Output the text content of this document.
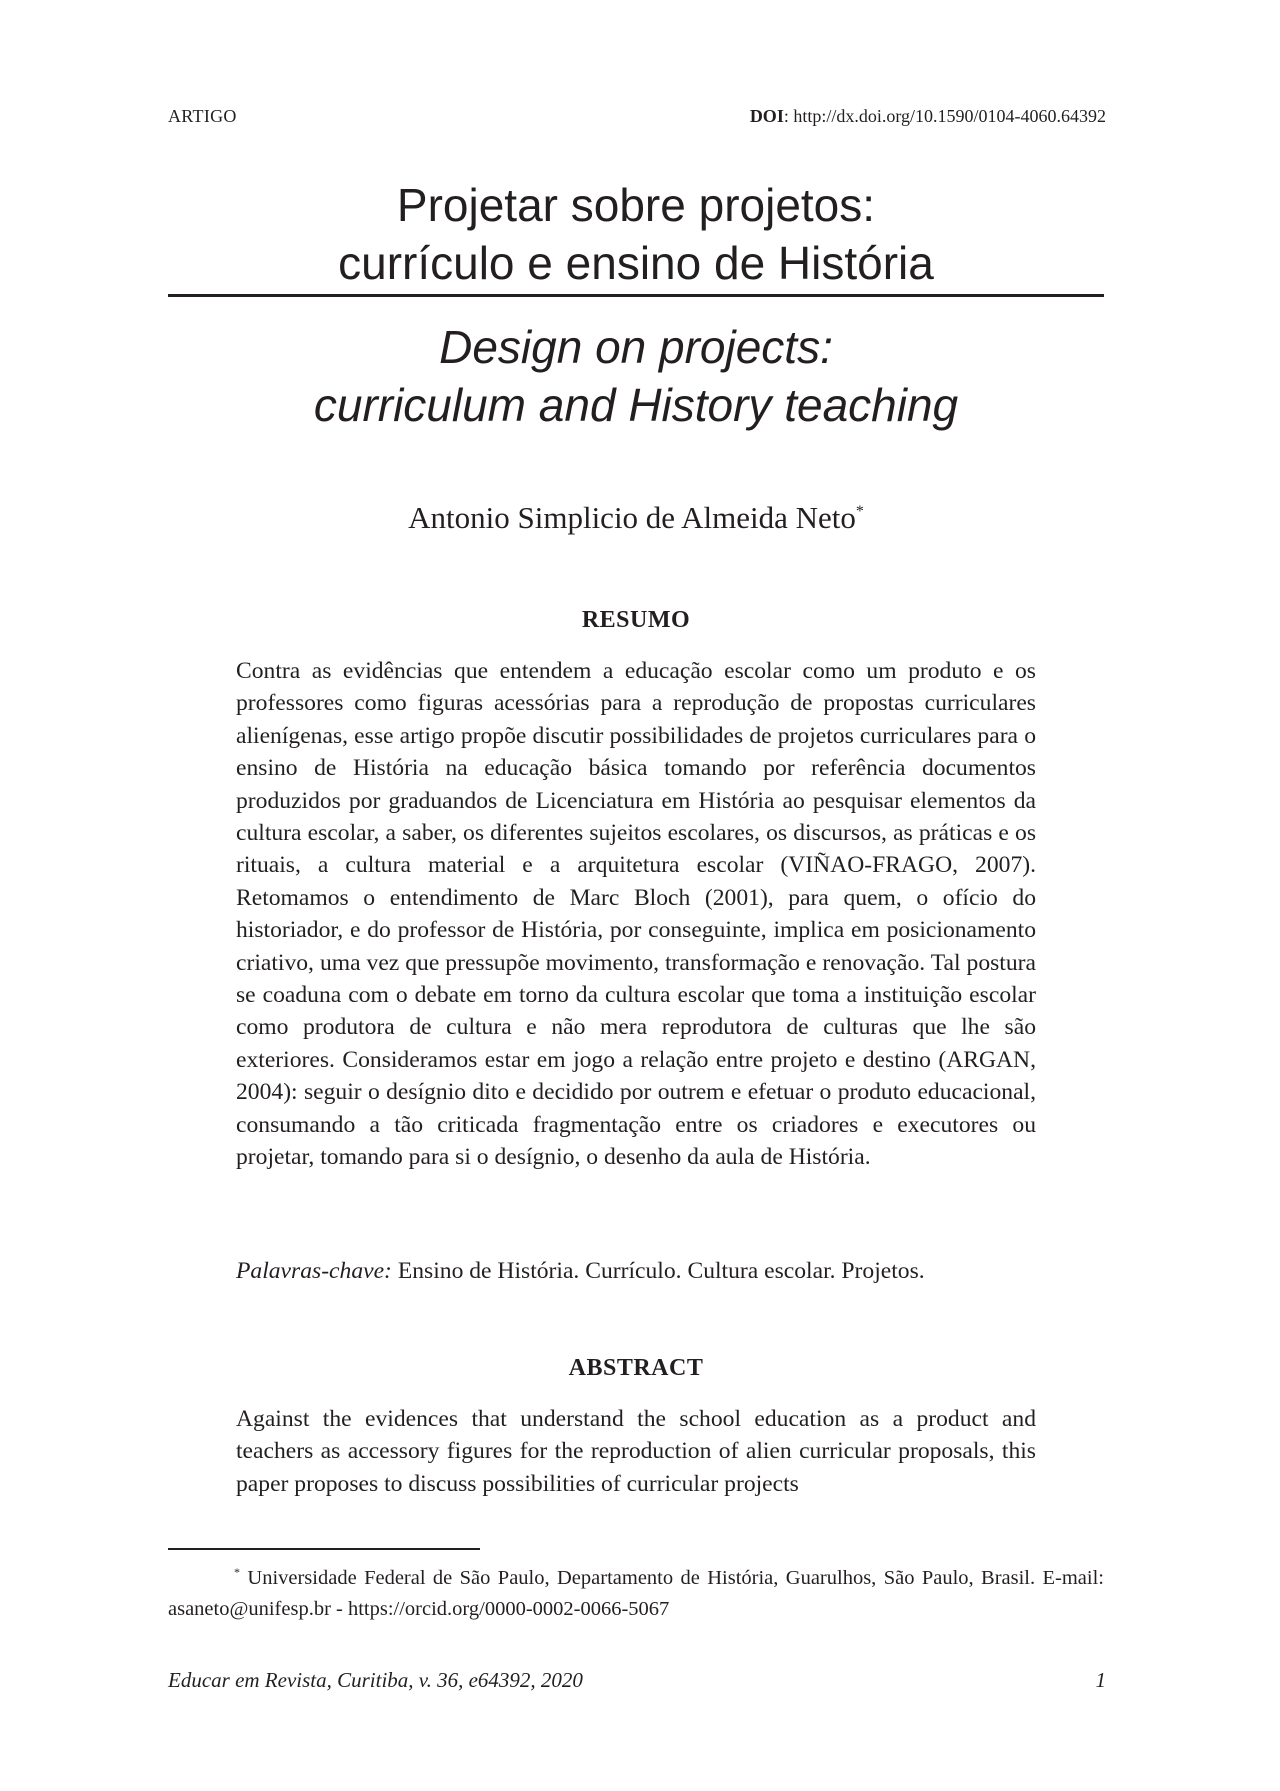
ARTIGO	DOI: http://dx.doi.org/10.1590/0104-4060.64392
Projetar sobre projetos:
currículo e ensino de História
Design on projects:
curriculum and History teaching
Antonio Simplicio de Almeida Neto*
RESUMO
Contra as evidências que entendem a educação escolar como um produto e os professores como figuras acessórias para a reprodução de propostas curriculares alienígenas, esse artigo propõe discutir possibilidades de projetos curriculares para o ensino de História na educação básica tomando por referência documentos produzidos por graduandos de Licenciatura em História ao pesquisar elementos da cultura escolar, a saber, os diferentes sujeitos escolares, os discursos, as práticas e os rituais, a cultura material e a arquitetura escolar (VIÑAO-FRAGO, 2007). Retomamos o entendimento de Marc Bloch (2001), para quem, o ofício do historiador, e do professor de História, por conseguinte, implica em posicionamento criativo, uma vez que pressupõe movimento, transformação e renovação. Tal postura se coaduna com o debate em torno da cultura escolar que toma a instituição escolar como produtora de cultura e não mera reprodutora de culturas que lhe são exteriores. Consideramos estar em jogo a relação entre projeto e destino (ARGAN, 2004): seguir o desígnio dito e decidido por outrem e efetuar o produto educacional, consumando a tão criticada fragmentação entre os criadores e executores ou projetar, tomando para si o desígnio, o desenho da aula de História.
Palavras-chave: Ensino de História. Currículo. Cultura escolar. Projetos.
ABSTRACT
Against the evidences that understand the school education as a product and teachers as accessory figures for the reproduction of alien curricular proposals, this paper proposes to discuss possibilities of curricular projects
* Universidade Federal de São Paulo, Departamento de História, Guarulhos, São Paulo, Brasil. E-mail: asaneto@unifesp.br - https://orcid.org/0000-0002-0066-5067
Educar em Revista, Curitiba, v. 36, e64392, 2020	1
